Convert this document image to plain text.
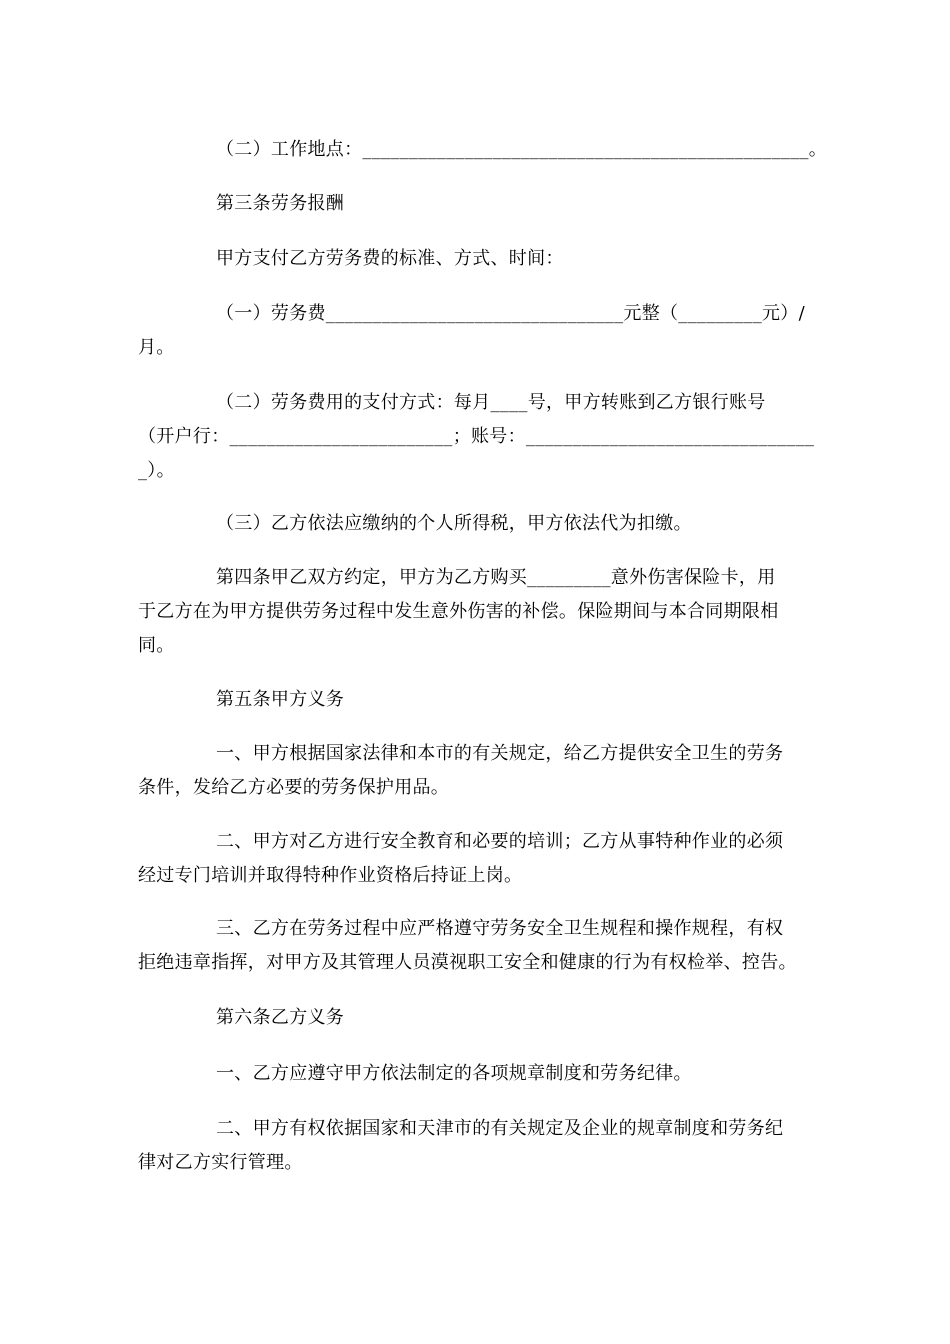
（二）工作地点：________________________________________________。
第三条劳务报酬
甲方支付乙方劳务费的标准、方式、时间：
（一）劳务费________________________________元整（_________元）/
月。
（二）劳务费用的支付方式：每月____号，甲方转账到乙方银行账号
（开户行：________________________；账号：_______________________________
_）。
（三）乙方依法应缴纳的个人所得税，甲方依法代为扣缴。
第四条甲乙双方约定，甲方为乙方购买_________意外伤害保险卡，用
于乙方在为甲方提供劳务过程中发生意外伤害的补偿。保险期间与本合同期限相
同。
第五条甲方义务
一、甲方根据国家法律和本市的有关规定，给乙方提供安全卫生的劳务
条件，发给乙方必要的劳务保护用品。
二、甲方对乙方进行安全教育和必要的培训；乙方从事特种作业的必须
经过专门培训并取得特种作业资格后持证上岗。
三、乙方在劳务过程中应严格遵守劳务安全卫生规程和操作规程，有权
拒绝违章指挥，对甲方及其管理人员漠视职工安全和健康的行为有权检举、控告。
第六条乙方义务
一、乙方应遵守甲方依法制定的各项规章制度和劳务纪律。
二、甲方有权依据国家和天津市的有关规定及企业的规章制度和劳务纪
律对乙方实行管理。
